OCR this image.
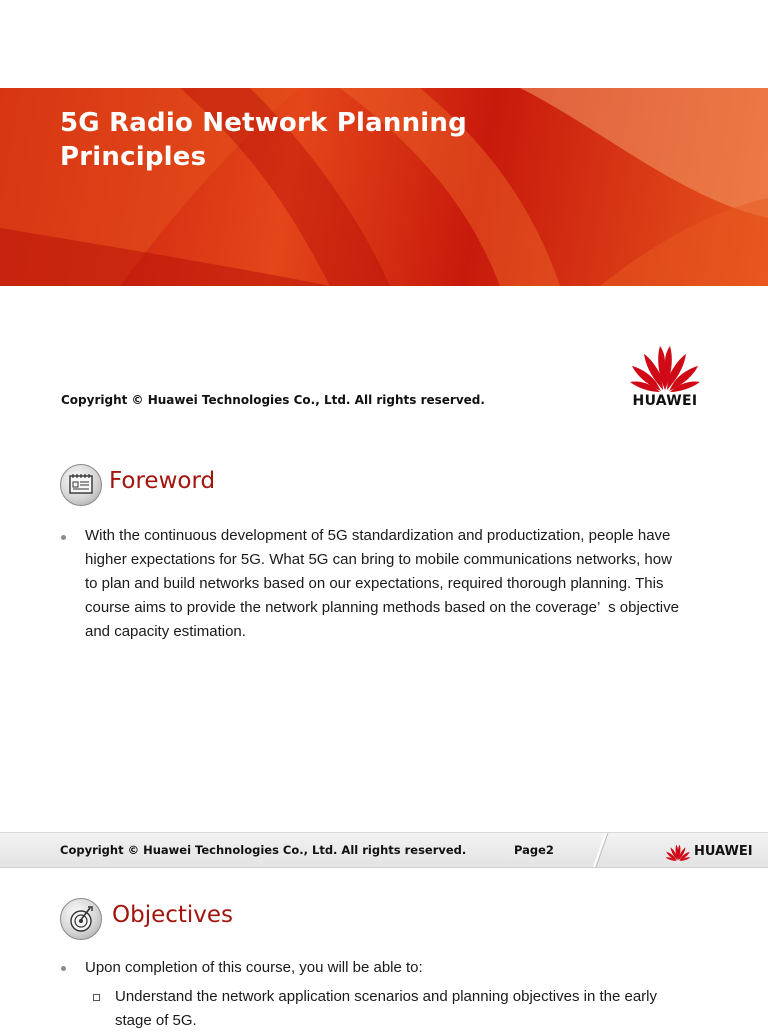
5G Radio Network Planning
Principles
Copyright © Huawei Technologies Co., Ltd. All rights reserved.	HUAWEI
Foreword
With the continuous development of 5G standardization and productization, people have
higher expectations for 5G. What 5G can bring to mobile communications networks, how
to plan and build networks based on our expectations, required thorough planning. This
course aims to provide the network planning methods based on the coverage’  s objective
and capacity estimation.
Copyright © Huawei Technologies Co., Ltd. All rights reserved.	Page2	HUAWEI
Objectives
Upon completion of this course, you will be able to:
Understand the network application scenarios and planning objectives in the early
stage of 5G.
